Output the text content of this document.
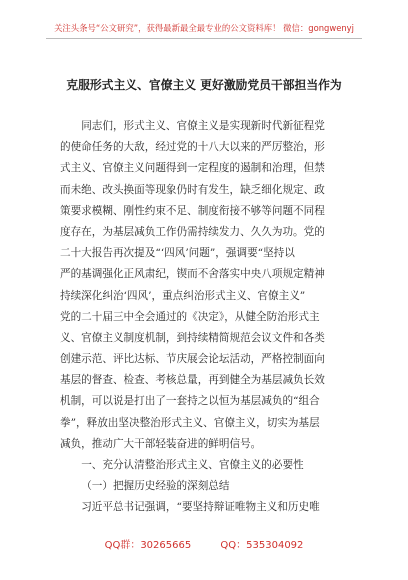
关注头条号“公文研究”，获得最新最全最专业的公文资料库！ 微信：gongwenyj
克服形式主义、官僚主义 更好激励党员干部担当作为
同志们，形式主义、官僚主义是实现新时代新征程党
的使命任务的大敌，经过党的十八大以来的严厉整治，形
式主义、官僚主义问题得到一定程度的遏制和治理，但禁
而未绝、改头换面等现象仍时有发生，缺乏细化规定、政
策要求模糊、刚性约束不足、制度衔接不够等问题不同程
度存在，为基层减负工作仍需持续发力、久久为功。党的
二十大报告再次提及“‘四风’问题”，强调要“坚持以
严的基调强化正风肃纪，锲而不舍落实中央八项规定精神
持续深化纠治‘四风’，重点纠治形式主义、官僚主义”
党的二十届三中全会通过的《决定》，从健全防治形式主
义、官僚主义制度机制，到持续精简规范会议文件和各类
创建示范、评比达标、节庆展会论坛活动，严格控制面向
基层的督查、检查、考核总量，再到健全为基层减负长效
机制，可以说是打出了一套持之以恒为基层减负的“组合
拳”，释放出坚决整治形式主义、官僚主义，切实为基层
减负，推动广大干部轻装奋进的鲜明信号。
一、充分认清整治形式主义、官僚主义的必要性
（一）把握历史经验的深刻总结
习近平总书记强调，“要坚持辩证唯物主义和历史唯
QQ群：30265665	QQ：535304092
